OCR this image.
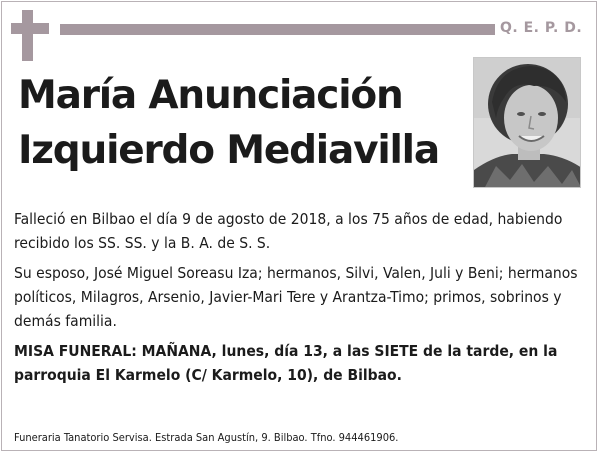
Q. E. P. D.
María Anunciación
Izquierdo Mediavilla

Falleció en Bilbao el día 9 de agosto de 2018, a los 75 años de edad, habiendo recibido los SS. SS. y la B. A. de S. S.

Su esposo, José Miguel Soreasu Iza; hermanos, Silvi, Valen, Juli y Beni; hermanos políticos, Milagros, Arsenio, Javier-Mari Tere y Arantza-Timo; primos, sobrinos y demás familia.

MISA FUNERAL: MAÑANA, lunes, día 13, a las SIETE de la tarde, en la parroquia El Karmelo (C/ Karmelo, 10), de Bilbao.

Funeraria Tanatorio Servisa. Estrada San Agustín, 9. Bilbao. Tfno. 944461906.
